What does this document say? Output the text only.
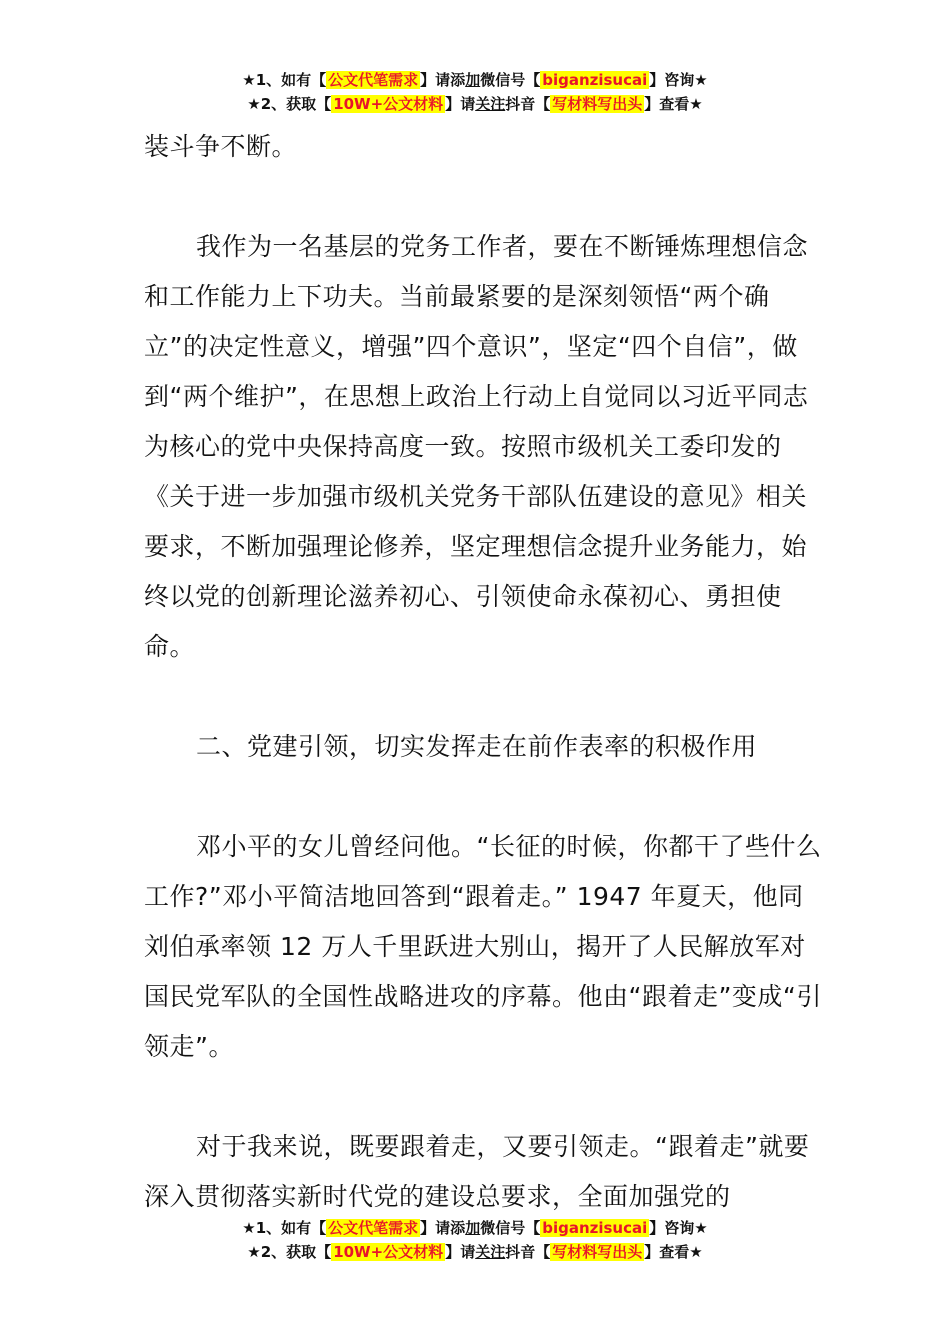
★1、如有【 公文代笔需求 】请添加微信号【 biganzisucai 】咨询★
★2、获取【 10W+公文材料 】请关注抖音【 写材料写出头 】查看★

装斗争不断。

我作为一名基层的党务工作者，要在不断锤炼理想信念和工作能力上下功夫。当前最紧要的是深刻领悟“两个确立”的决定性意义，增强”四个意识”，坚定“四个自信”，做到“两个维护”，在思想上政治上行动上自觉同以习近平同志为核心的党中央保持高度一致。按照市级机关工委印发的《关于进一步加强市级机关党务干部队伍建设的意见》相关要求，不断加强理论修养，坚定理想信念提升业务能力，始终以党的创新理论滋养初心、引领使命永葆初心、勇担使命。

二、党建引领，切实发挥走在前作表率的积极作用

邓小平的女儿曾经问他。“长征的时候，你都干了些什么工作?”邓小平简洁地回答到“跟着走。” 1947 年夏天，他同刘伯承率领 12 万人千里跃进大别山，揭开了人民解放军对国民党军队的全国性战略进攻的序幕。他由“跟着走”变成“引领走”。

对于我来说，既要跟着走，又要引领走。“跟着走”就要深入贯彻落实新时代党的建设总要求，全面加强党的

★1、如有【 公文代笔需求 】请添加微信号【 biganzisucai 】咨询★
★2、获取【 10W+公文材料 】请关注抖音【 写材料写出头 】查看★
